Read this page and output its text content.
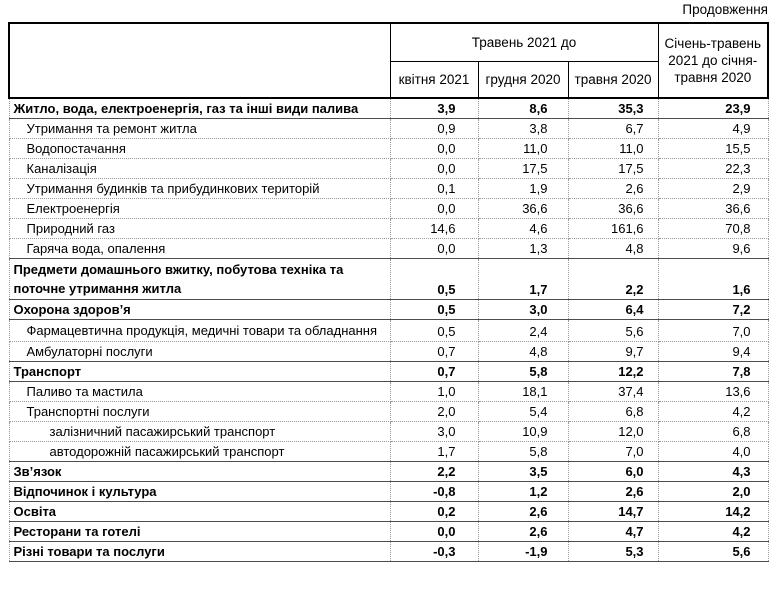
Продовження
	Травень 2021 до			Січень-травень 2021 до січня-травня 2020
	квітня 2021	грудня 2020	травня 2020	
Житло, вода, електроенергія, газ та інші види палива	3,9	8,6	35,3	23,9
Утримання та ремонт житла	0,9	3,8	6,7	4,9
Водопостачання	0,0	11,0	11,0	15,5
Каналізація	0,0	17,5	17,5	22,3
Утримання будинків та прибудинкових територій	0,1	1,9	2,6	2,9
Електроенергія	0,0	36,6	36,6	36,6
Природний газ	14,6	4,6	161,6	70,8
Гаряча вода, опалення	0,0	1,3	4,8	9,6
Предмети домашнього вжитку, побутова техніка та поточне утримання житла	0,5	1,7	2,2	1,6
Охорона здоров’я	0,5	3,0	6,4	7,2
Фармацевтична продукція, медичні товари та обладнання	0,5	2,4	5,6	7,0
Амбулаторні послуги	0,7	4,8	9,7	9,4
Транспорт	0,7	5,8	12,2	7,8
Паливо та мастила	1,0	18,1	37,4	13,6
Транспортні послуги	2,0	5,4	6,8	4,2
залізничний пасажирський транспорт	3,0	10,9	12,0	6,8
автодорожній пасажирський транспорт	1,7	5,8	7,0	4,0
Зв’язок	2,2	3,5	6,0	4,3
Відпочинок і культура	-0,8	1,2	2,6	2,0
Освіта	0,2	2,6	14,7	14,2
Ресторани та готелі	0,0	2,6	4,7	4,2
Різні товари та послуги	-0,3	-1,9	5,3	5,6
